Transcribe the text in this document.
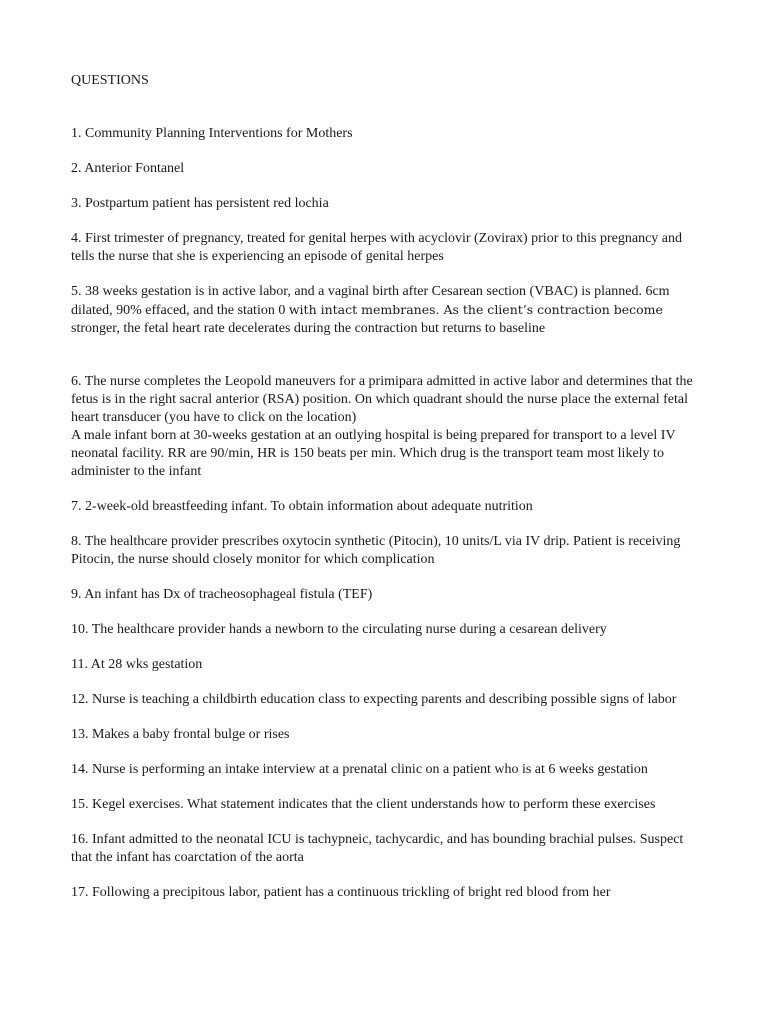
QUESTIONS

1. Community Planning Interventions for Mothers

2. Anterior Fontanel

3. Postpartum patient has persistent red lochia

4. First trimester of pregnancy, treated for genital herpes with acyclovir (Zovirax) prior to this pregnancy and tells the nurse that she is experiencing an episode of genital herpes

5. 38 weeks gestation is in active labor, and a vaginal birth after Cesarean section (VBAC) is planned. 6cm dilated, 90% effaced, and the station 0 with intact membranes. As the client’s contraction become stronger, the fetal heart rate decelerates during the contraction but returns to baseline

6. The nurse completes the Leopold maneuvers for a primipara admitted in active labor and determines that the fetus is in the right sacral anterior (RSA) position. On which quadrant should the nurse place the external fetal heart transducer (you have to click on the location)

A male infant born at 30-weeks gestation at an outlying hospital is being prepared for transport to a level IV neonatal facility. RR are 90/min, HR is 150 beats per min. Which drug is the transport team most likely to administer to the infant

7. 2-week-old breastfeeding infant. To obtain information about adequate nutrition

8. The healthcare provider prescribes oxytocin synthetic (Pitocin), 10 units/L via IV drip. Patient is receiving Pitocin, the nurse should closely monitor for which complication

9. An infant has Dx of tracheosophageal fistula (TEF)

10. The healthcare provider hands a newborn to the circulating nurse during a cesarean delivery

11. At 28 wks gestation

12. Nurse is teaching a childbirth education class to expecting parents and describing possible signs of labor

13. Makes a baby frontal bulge or rises

14. Nurse is performing an intake interview at a prenatal clinic on a patient who is at 6 weeks gestation

15. Kegel exercises. What statement indicates that the client understands how to perform these exercises

16. Infant admitted to the neonatal ICU is tachypneic, tachycardic, and has bounding brachial pulses. Suspect that the infant has coarctation of the aorta

17. Following a precipitous labor, patient has a continuous trickling of bright red blood from her
